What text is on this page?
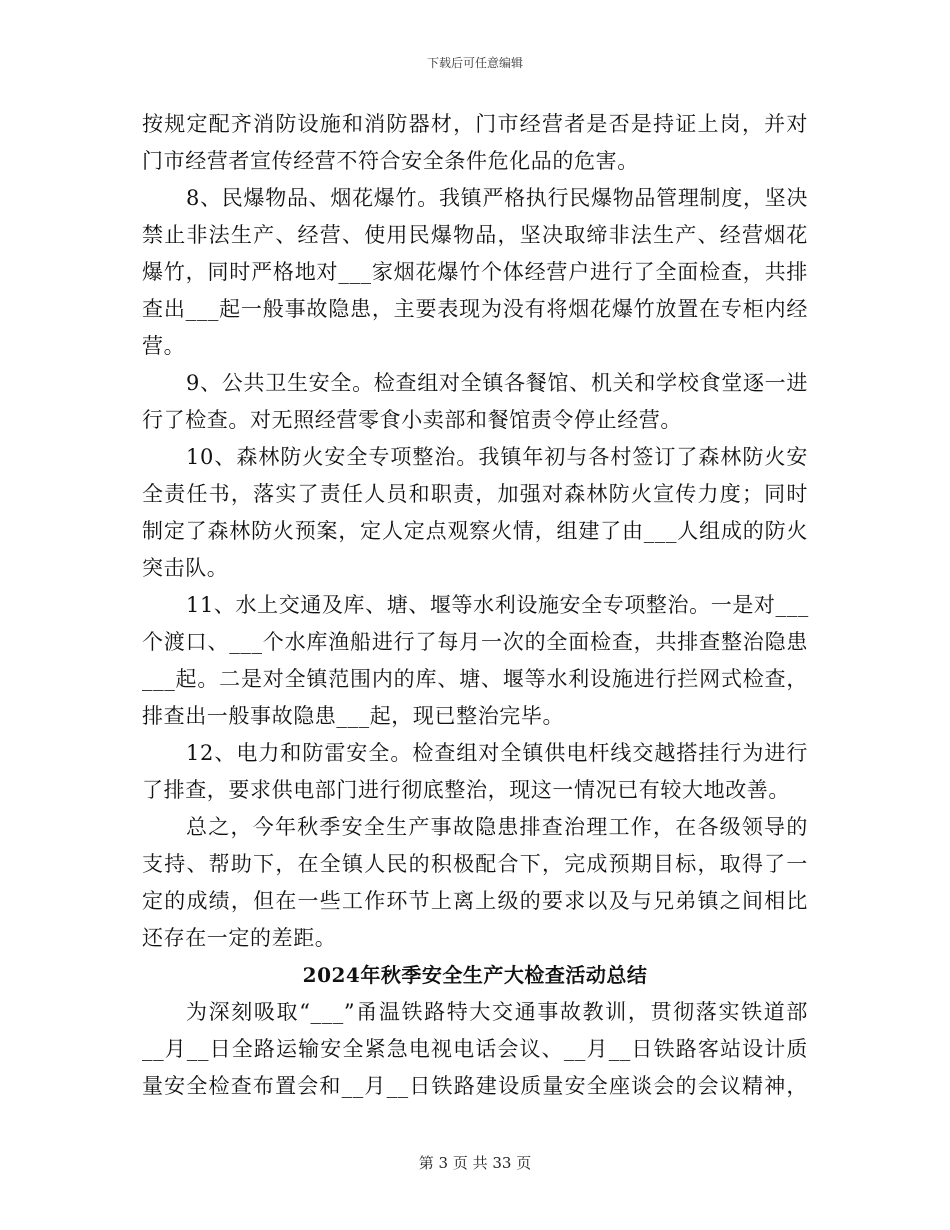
下载后可任意编辑
按规定配齐消防设施和消防器材，门市经营者是否是持证上岗，并对
门市经营者宣传经营不符合安全条件危化品的危害。
8、民爆物品、烟花爆竹。我镇严格执行民爆物品管理制度，坚决
禁止非法生产、经营、使用民爆物品，坚决取缔非法生产、经营烟花
爆竹，同时严格地对___家烟花爆竹个体经营户进行了全面检查，共排
查出___起一般事故隐患，主要表现为没有将烟花爆竹放置在专柜内经
营。
9、公共卫生安全。检查组对全镇各餐馆、机关和学校食堂逐一进
行了检查。对无照经营零食小卖部和餐馆责令停止经营。
10、森林防火安全专项整治。我镇年初与各村签订了森林防火安
全责任书，落实了责任人员和职责，加强对森林防火宣传力度；同时
制定了森林防火预案，定人定点观察火情，组建了由___人组成的防火
突击队。
11、水上交通及库、塘、堰等水利设施安全专项整治。一是对___
个渡口、___个水库渔船进行了每月一次的全面检查，共排查整治隐患
___起。二是对全镇范围内的库、塘、堰等水利设施进行拦网式检查，
排查出一般事故隐患___起，现已整治完毕。
12、电力和防雷安全。检查组对全镇供电杆线交越搭挂行为进行
了排查，要求供电部门进行彻底整治，现这一情况已有较大地改善。
总之，今年秋季安全生产事故隐患排查治理工作，在各级领导的
支持、帮助下，在全镇人民的积极配合下，完成预期目标，取得了一
定的成绩，但在一些工作环节上离上级的要求以及与兄弟镇之间相比
还存在一定的差距。
2024年秋季安全生产大检查活动总结
为深刻吸取“___”甬温铁路特大交通事故教训，贯彻落实铁道部
__月__日全路运输安全紧急电视电话会议、__月__日铁路客站设计质
量安全检查布置会和__月__日铁路建设质量安全座谈会的会议精神，
第 3 页 共 33 页
